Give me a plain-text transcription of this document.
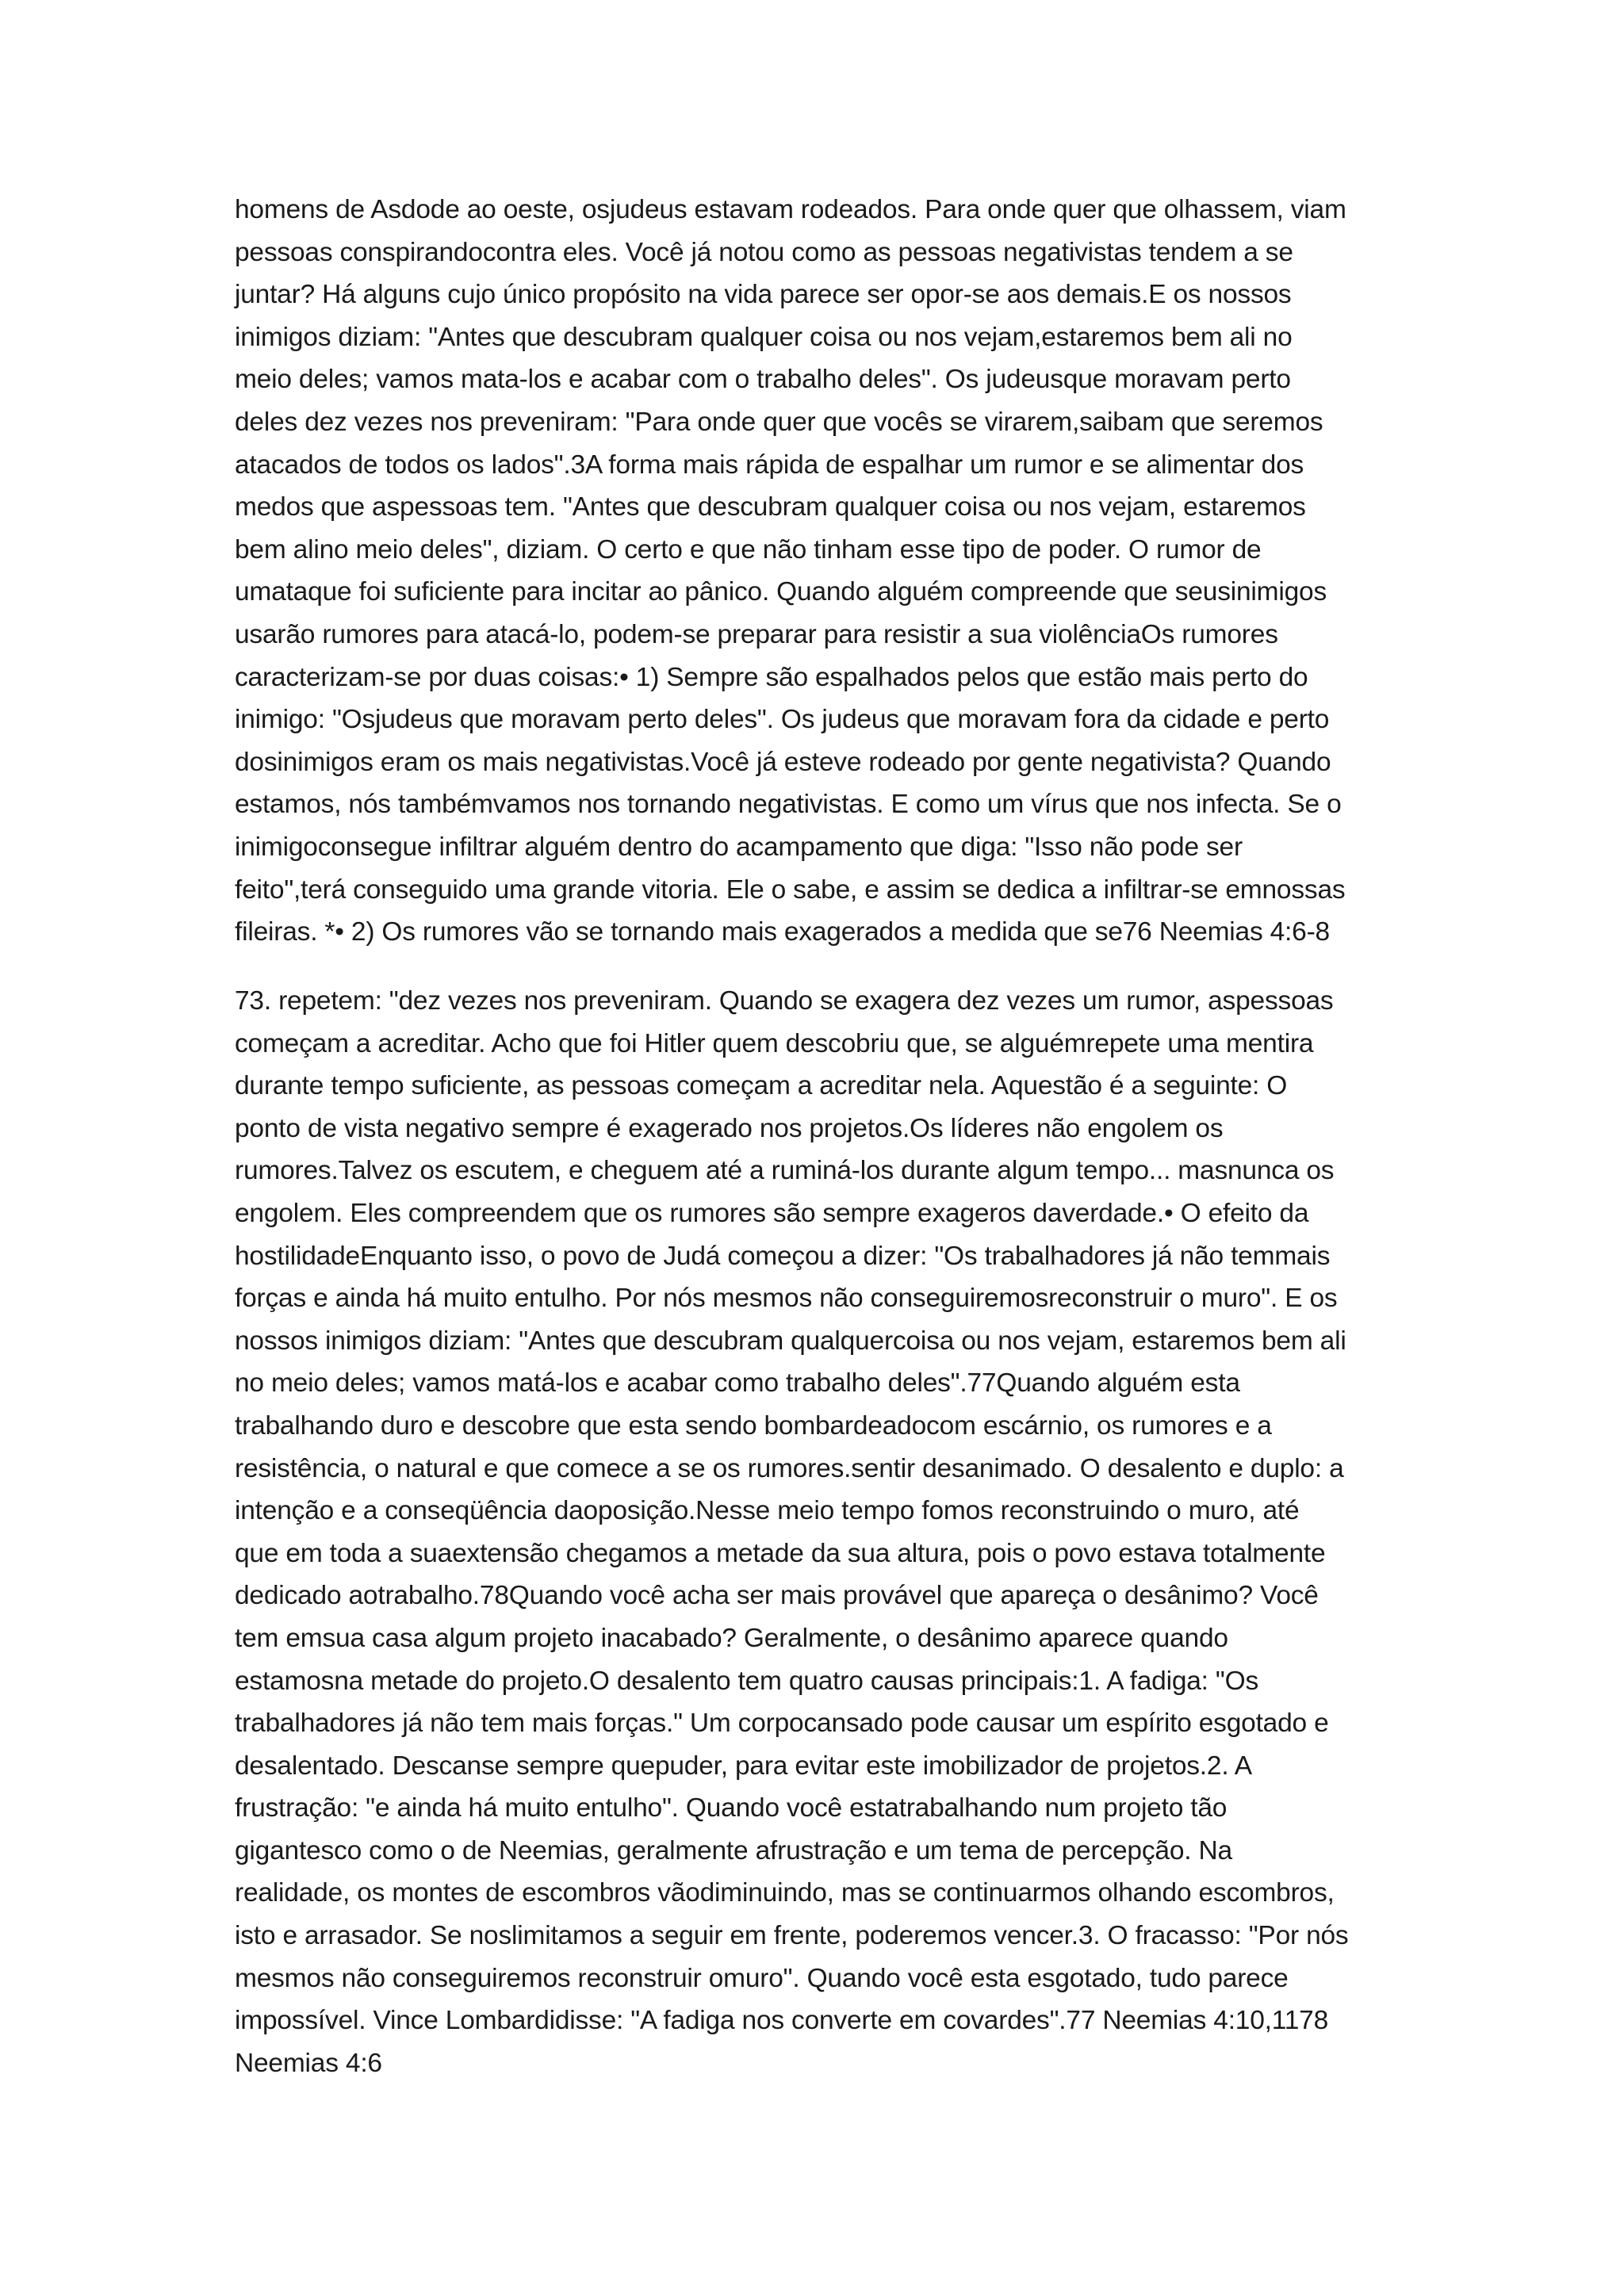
homens de Asdode ao oeste, osjudeus estavam rodeados. Para onde quer que olhassem, viam
pessoas conspirandocontra eles. Você já notou como as pessoas negativistas tendem a se
juntar? Há alguns cujo único propósito na vida parece ser opor-se aos demais.E os nossos
inimigos diziam: "Antes que descubram qualquer coisa ou nos vejam,estaremos bem ali no
meio deles; vamos mata-los e acabar com o trabalho deles". Os judeusque moravam perto
deles dez vezes nos preveniram: "Para onde quer que vocês se virarem,saibam que seremos
atacados de todos os lados".3A forma mais rápida de espalhar um rumor e se alimentar dos
medos que aspessoas tem. "Antes que descubram qualquer coisa ou nos vejam, estaremos
bem alino meio deles", diziam. O certo e que não tinham esse tipo de poder. O rumor de
umataque foi suficiente para incitar ao pânico. Quando alguém compreende que seusinimigos
usarão rumores para atacá-lo, podem-se preparar para resistir a sua violênciaOs rumores
caracterizam-se por duas coisas:• 1) Sempre são espalhados pelos que estão mais perto do
inimigo: "Osjudeus que moravam perto deles". Os judeus que moravam fora da cidade e perto
dosinimigos eram os mais negativistas.Você já esteve rodeado por gente negativista? Quando
estamos, nós tambémvamos nos tornando negativistas. E como um vírus que nos infecta. Se o
inimigoconsegue infiltrar alguém dentro do acampamento que diga: "Isso não pode ser
feito",terá conseguido uma grande vitoria. Ele o sabe, e assim se dedica a infiltrar-se emnossas
fileiras. *• 2) Os rumores vão se tornando mais exagerados a medida que se76 Neemias 4:6-8

73. repetem: "dez vezes nos preveniram. Quando se exagera dez vezes um rumor, aspessoas
começam a acreditar. Acho que foi Hitler quem descobriu que, se alguémrepete uma mentira
durante tempo suficiente, as pessoas começam a acreditar nela. Aquestão é a seguinte: O
ponto de vista negativo sempre é exagerado nos projetos.Os líderes não engolem os
rumores.Talvez os escutem, e cheguem até a ruminá-los durante algum tempo... masnunca os
engolem. Eles compreendem que os rumores são sempre exageros daverdade.• O efeito da
hostilidadeEnquanto isso, o povo de Judá começou a dizer: "Os trabalhadores já não temmais
forças e ainda há muito entulho. Por nós mesmos não conseguiremosreconstruir o muro". E os
nossos inimigos diziam: "Antes que descubram qualquercoisa ou nos vejam, estaremos bem ali
no meio deles; vamos matá-los e acabar como trabalho deles".77Quando alguém esta
trabalhando duro e descobre que esta sendo bombardeadocom escárnio, os rumores e a
resistência, o natural e que comece a se os rumores.sentir desanimado. O desalento e duplo: a
intenção e a conseqüência daoposição.Nesse meio tempo fomos reconstruindo o muro, até
que em toda a suaextensão chegamos a metade da sua altura, pois o povo estava totalmente
dedicado aotrabalho.78Quando você acha ser mais provável que apareça o desânimo? Você
tem emsua casa algum projeto inacabado? Geralmente, o desânimo aparece quando
estamosna metade do projeto.O desalento tem quatro causas principais:1. A fadiga: "Os
trabalhadores já não tem mais forças." Um corpocansado pode causar um espírito esgotado e
desalentado. Descanse sempre quepuder, para evitar este imobilizador de projetos.2. A
frustração: "e ainda há muito entulho". Quando você estatrabalhando num projeto tão
gigantesco como o de Neemias, geralmente afrustração e um tema de percepção. Na
realidade, os montes de escombros vãodiminuindo, mas se continuarmos olhando escombros,
isto e arrasador. Se noslimitamos a seguir em frente, poderemos vencer.3. O fracasso: "Por nós
mesmos não conseguiremos reconstruir omuro". Quando você esta esgotado, tudo parece
impossível. Vince Lombardidisse: "A fadiga nos converte em covardes".77 Neemias 4:10,1178
Neemias 4:6
